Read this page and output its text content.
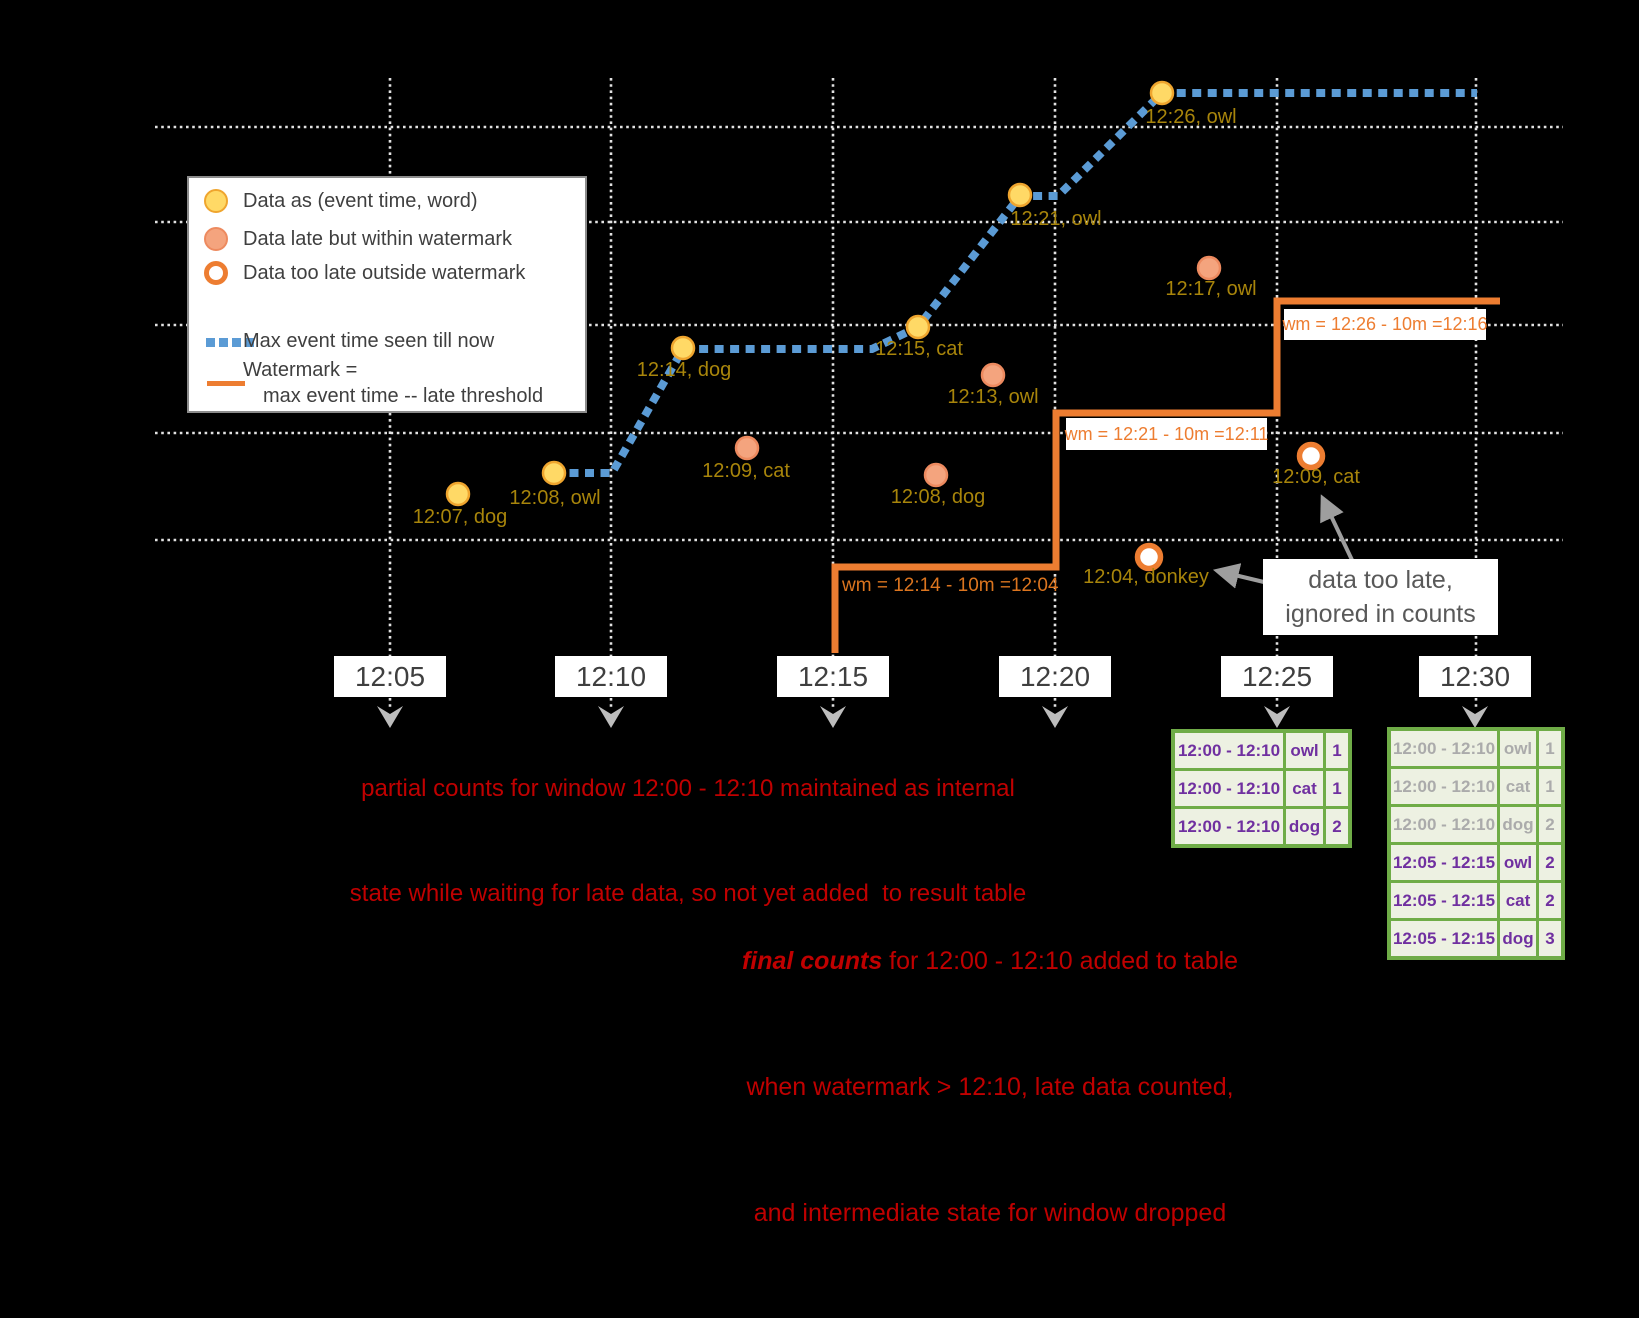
Data as (event time, word)
Data late but within watermark
Data too late outside watermark
Max event time seen till now
Watermark =
max event time -- late threshold
12:07, dog
12:08, owl
12:09, cat
12:14, dog
12:15, cat
12:13, owl
12:08, dog
12:21, owl
12:26, owl
12:17, owl
12:04, donkey
12:09, cat
wm = 12:14 - 10m =12:04
wm = 12:21 - 10m =12:11
wm = 12:26 - 10m =12:16
12:05	12:10	12:15	12:20	12:25	12:30

partial counts for window 12:00 - 12:10 maintained as internal

state while waiting for late data, so not yet added  to result table

final counts for 12:00 - 12:10 added to table

when watermark > 12:10, late data counted,

and intermediate state for window dropped

data too late,
ignored in counts
12:00 - 12:10 owl 1
12:00 - 12:10 cat 1
12:00 - 12:10 dog 2
12:00 - 12:10 owl 1
12:00 - 12:10 cat 1
12:00 - 12:10 dog 2
12:05 - 12:15 owl 2
12:05 - 12:15 cat 2
12:05 - 12:15 dog 3
